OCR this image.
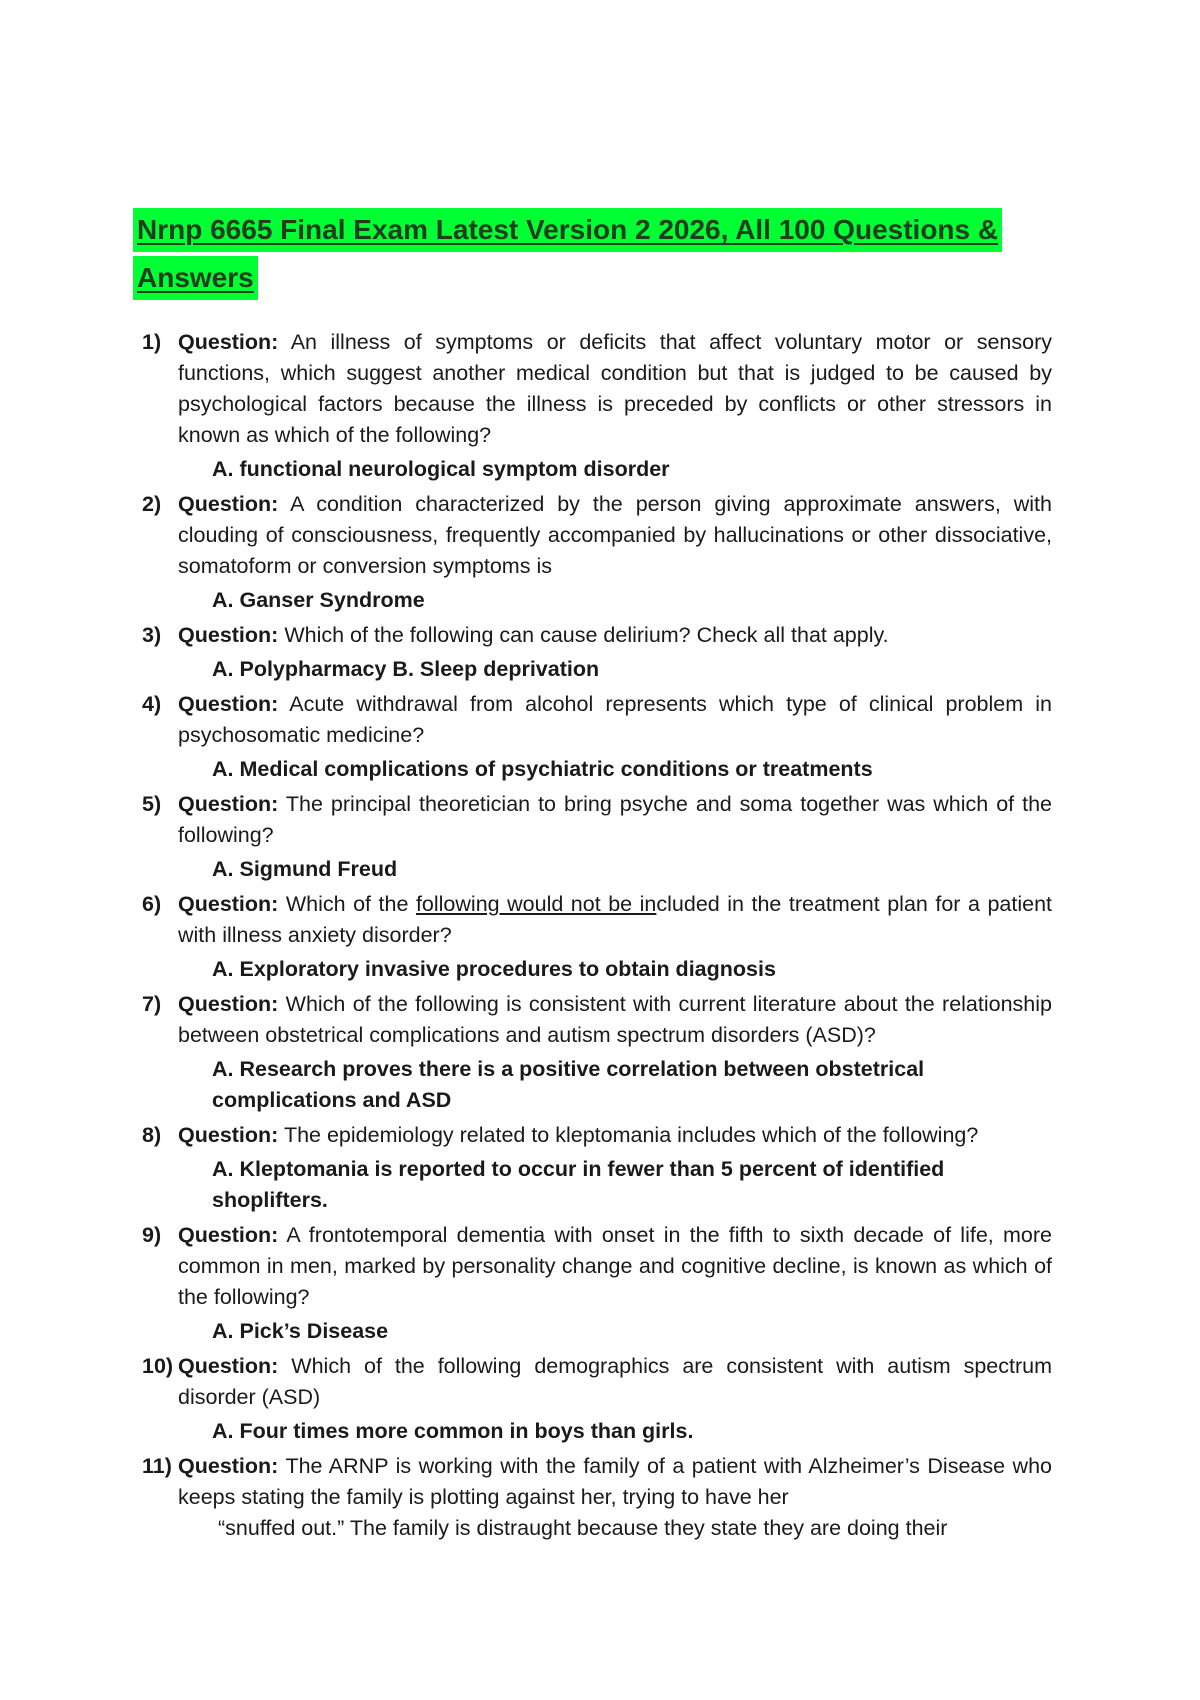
Nrnp 6665 Final Exam Latest Version 2 2026, All 100 Questions &
Answers
1) Question: An illness of symptoms or deficits that affect voluntary motor or sensory functions, which suggest another medical condition but that is judged to be caused by psychological factors because the illness is preceded by conflicts or other stressors in known as which of the following?
A. functional neurological symptom disorder
2) Question: A condition characterized by the person giving approximate answers, with clouding of consciousness, frequently accompanied by hallucinations or other dissociative, somatoform or conversion symptoms is
A. Ganser Syndrome
3) Question: Which of the following can cause delirium? Check all that apply.
A. Polypharmacy B. Sleep deprivation
4) Question: Acute withdrawal from alcohol represents which type of clinical problem in psychosomatic medicine?
A. Medical complications of psychiatric conditions or treatments
5) Question: The principal theoretician to bring psyche and soma together was which of the following?
A. Sigmund Freud
6) Question: Which of the following would not be included in the treatment plan for a patient with illness anxiety disorder?
A. Exploratory invasive procedures to obtain diagnosis
7) Question: Which of the following is consistent with current literature about the relationship between obstetrical complications and autism spectrum disorders (ASD)?
A. Research proves there is a positive correlation between obstetrical complications and ASD
8) Question: The epidemiology related to kleptomania includes which of the following?
A. Kleptomania is reported to occur in fewer than 5 percent of identified shoplifters.
9) Question: A frontotemporal dementia with onset in the fifth to sixth decade of life, more common in men, marked by personality change and cognitive decline, is known as which of the following?
A. Pick’s Disease
10) Question: Which of the following demographics are consistent with autism spectrum disorder (ASD)
A. Four times more common in boys than girls.
11) Question: The ARNP is working with the family of a patient with Alzheimer’s Disease who keeps stating the family is plotting against her, trying to have her
“snuffed out.” The family is distraught because they state they are doing their
